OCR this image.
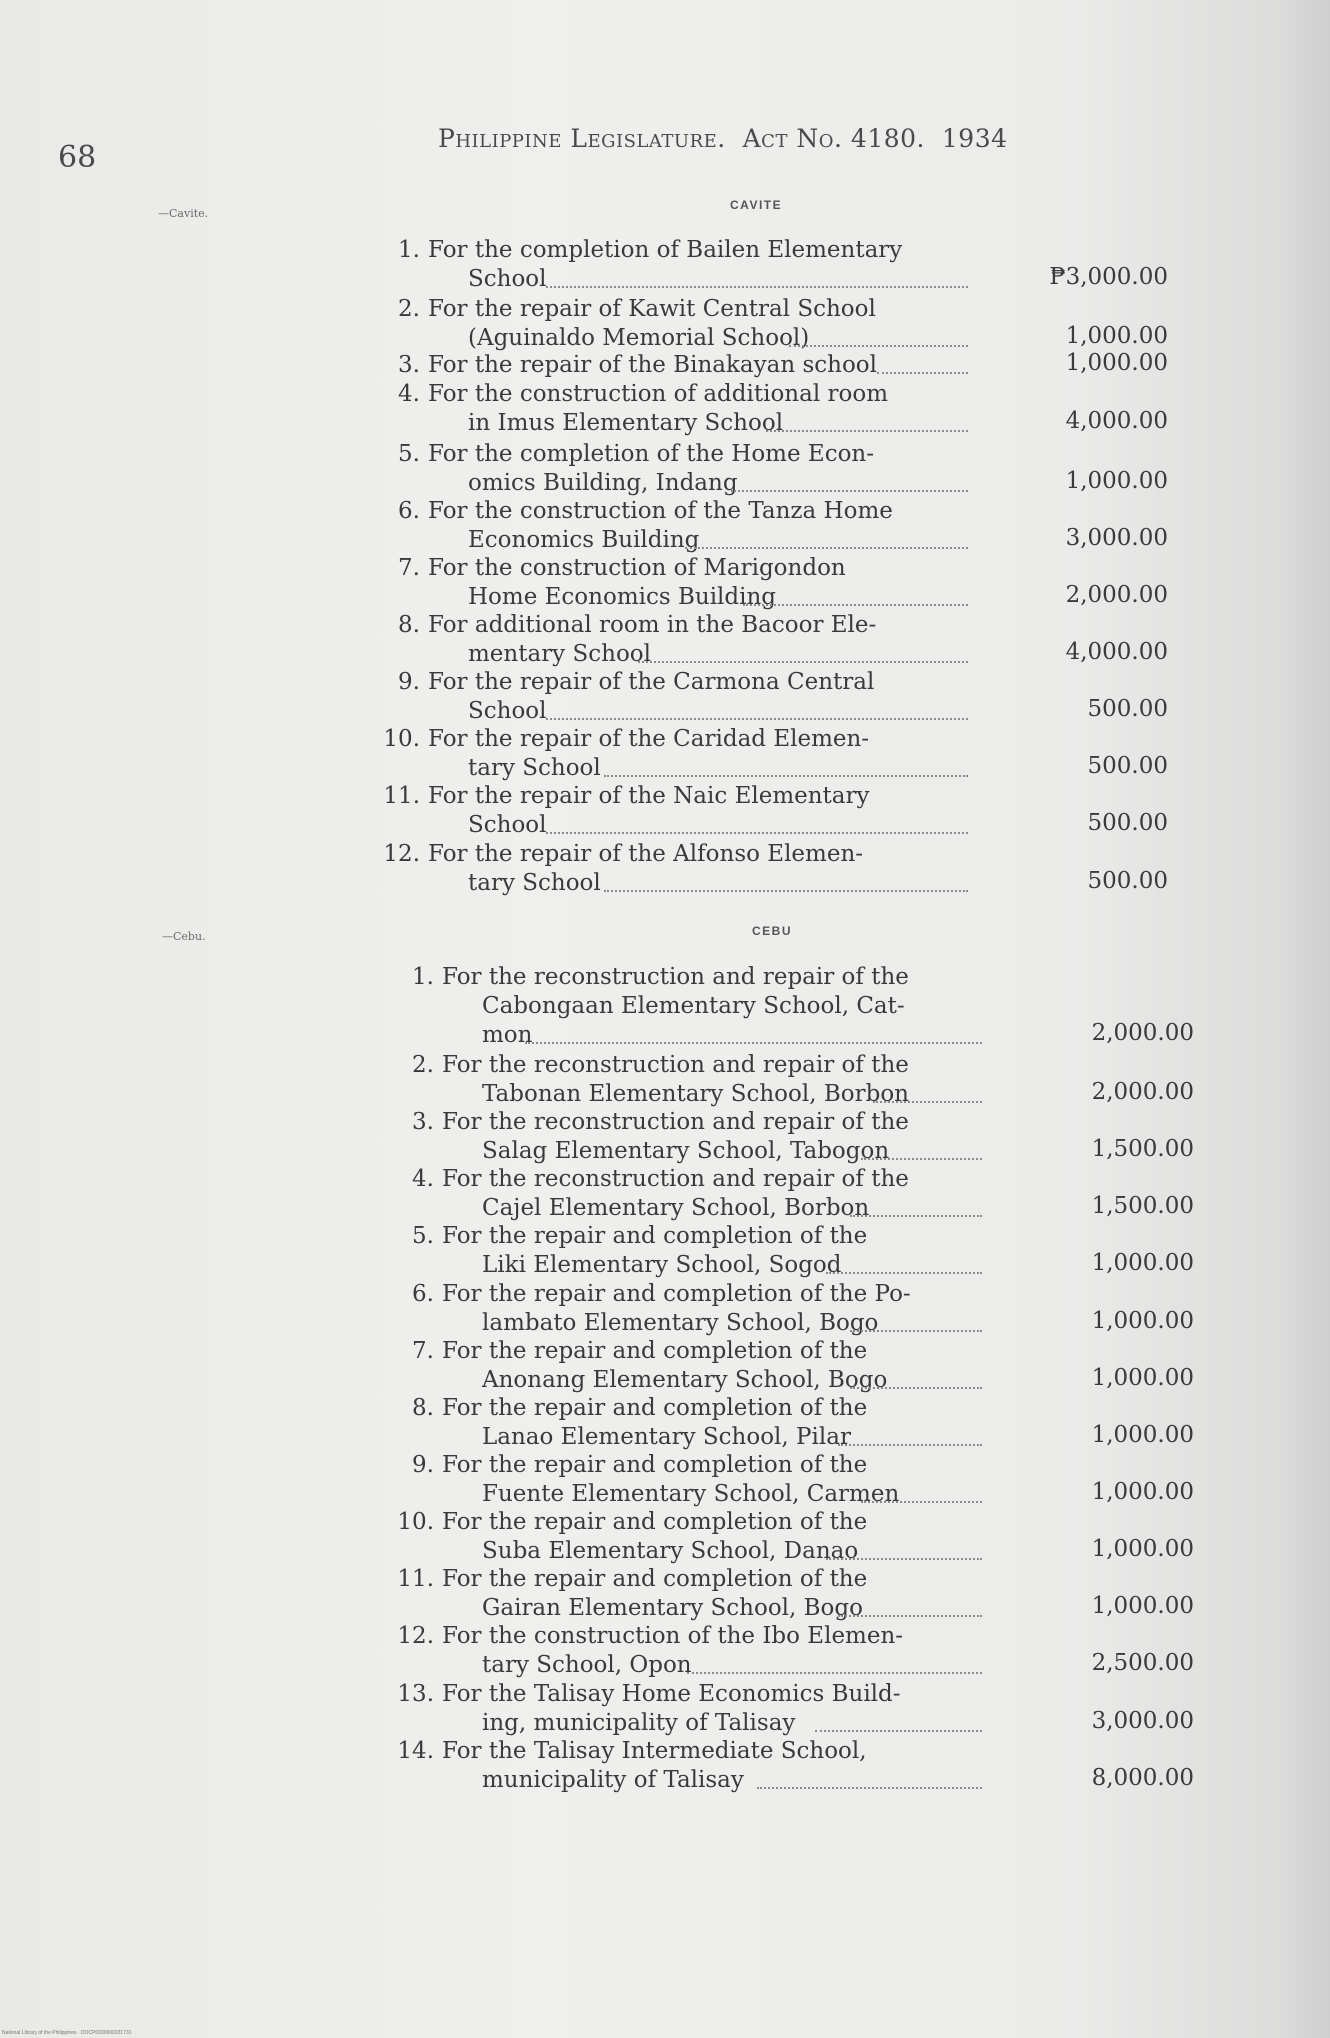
68
Philippine Legislature. Act No. 4180. 1934
—Cavite.
CAVITE
1. For the completion of Bailen Elementary
School	₱3,000.00
2. For the repair of Kawit Central School
(Aguinaldo Memorial School)	1,000.00
3. For the repair of the Binakayan school	1,000.00
4. For the construction of additional room
in Imus Elementary School	4,000.00
5. For the completion of the Home Econ-
omics Building, Indang	1,000.00
6. For the construction of the Tanza Home
Economics Building	3,000.00
7. For the construction of Marigondon
Home Economics Building	2,000.00
8. For additional room in the Bacoor Ele-
mentary School	4,000.00
9. For the repair of the Carmona Central
School	500.00
10. For the repair of the Caridad Elemen-
tary School	500.00
11. For the repair of the Naic Elementary
School	500.00
12. For the repair of the Alfonso Elemen-
tary School	500.00
—Cebu.	CEBU
1. For the reconstruction and repair of the
Cabongaan Elementary School, Cat-
mon	2,000.00
2. For the reconstruction and repair of the
Tabonan Elementary School, Borbon	2,000.00
3. For the reconstruction and repair of the
Salag Elementary School, Tabogon	1,500.00
4. For the reconstruction and repair of the
Cajel Elementary School, Borbon	1,500.00
5. For the repair and completion of the
Liki Elementary School, Sogod	1,000.00
6. For the repair and completion of the Po-
lambato Elementary School, Bogo	1,000.00
7. For the repair and completion of the
Anonang Elementary School, Bogo	1,000.00
8. For the repair and completion of the
Lanao Elementary School, Pilar	1,000.00
9. For the repair and completion of the
Fuente Elementary School, Carmen	1,000.00
10. For the repair and completion of the
Suba Elementary School, Danao	1,000.00
11. For the repair and completion of the
Gairan Elementary School, Bogo	1,000.00
12. For the construction of the Ibo Elemen-
tary School, Opon	2,500.00
13. For the Talisay Home Economics Build-
ing, municipality of Talisay	3,000.00
14. For the Talisay Intermediate School,
municipality of Talisay	8,000.00
National Library of the Philippines · DOCP0000000031731
